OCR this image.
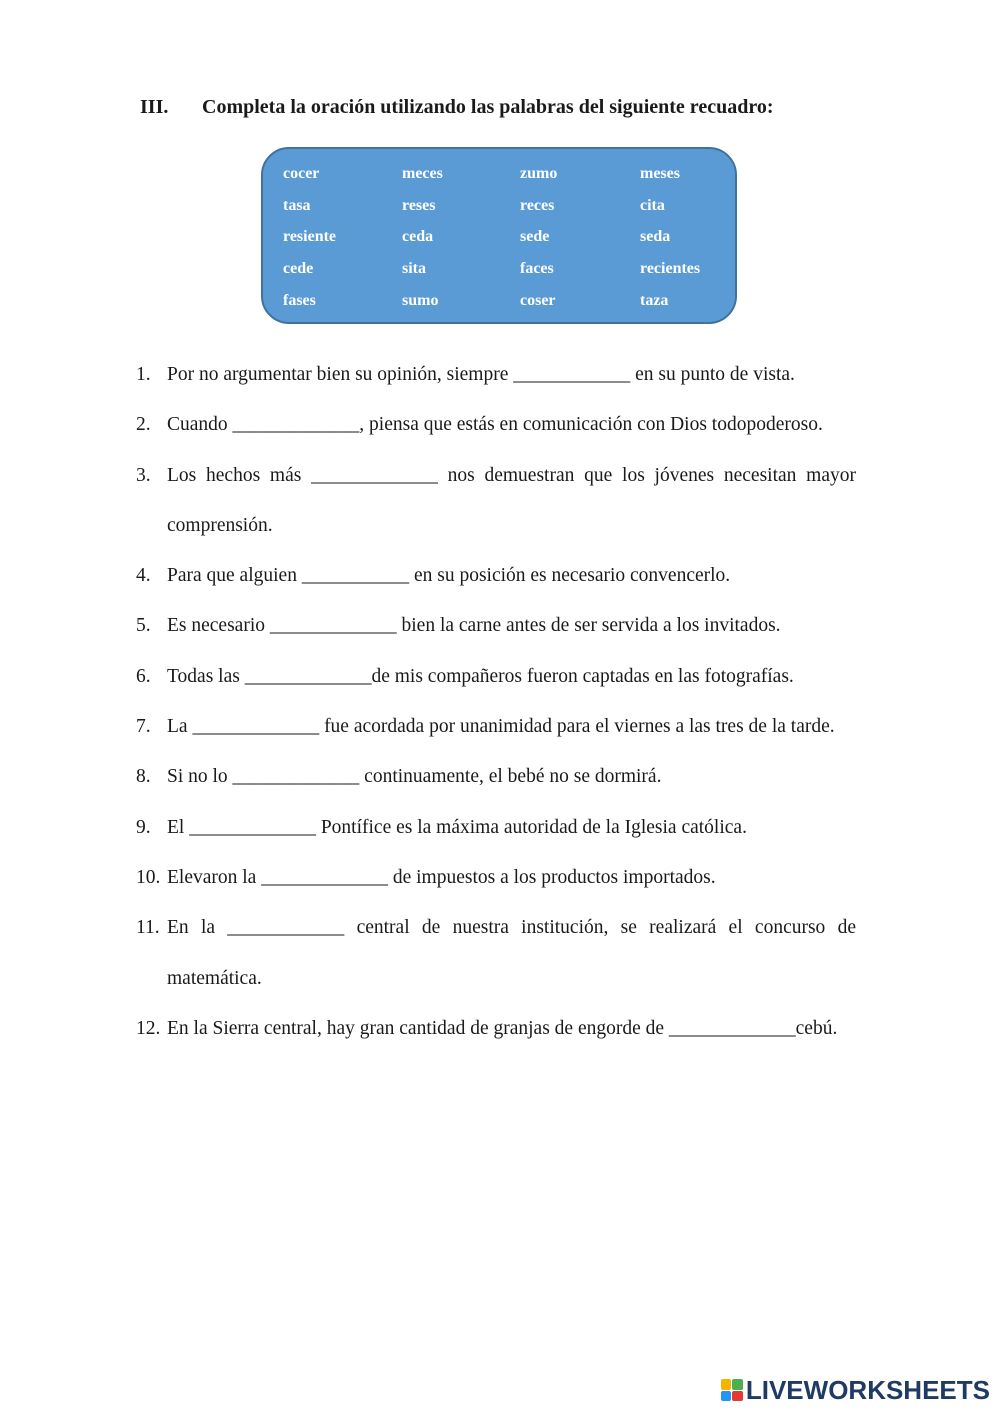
III. Completa la oración utilizando las palabras del siguiente recuadro:
cocer	meces	zumo	meses
tasa	reses	reces	cita
resiente	ceda	sede	seda
cede	sita	faces	recientes
fases	sumo	coser	taza
1. Por no argumentar bien su opinión, siempre ____________ en su punto de vista.
2. Cuando _____________, piensa que estás en comunicación con Dios todopoderoso.
3. Los hechos más _____________ nos demuestran que los jóvenes necesitan mayor comprensión.
4. Para que alguien ___________ en su posición es necesario convencerlo.
5. Es necesario _____________ bien la carne antes de ser servida a los invitados.
6. Todas las _____________de mis compañeros fueron captadas en las fotografías.
7. La _____________ fue acordada por unanimidad para el viernes a las tres de la tarde.
8. Si no lo _____________ continuamente, el bebé no se dormirá.
9. El _____________ Pontífice es la máxima autoridad de la Iglesia católica.
10. Elevaron la _____________ de impuestos a los productos importados.
11. En la ____________ central de nuestra institución, se realizará el concurso de matemática.
12. En la Sierra central, hay gran cantidad de granjas de engorde de _____________cebú.
LIVEWORKSHEETS
